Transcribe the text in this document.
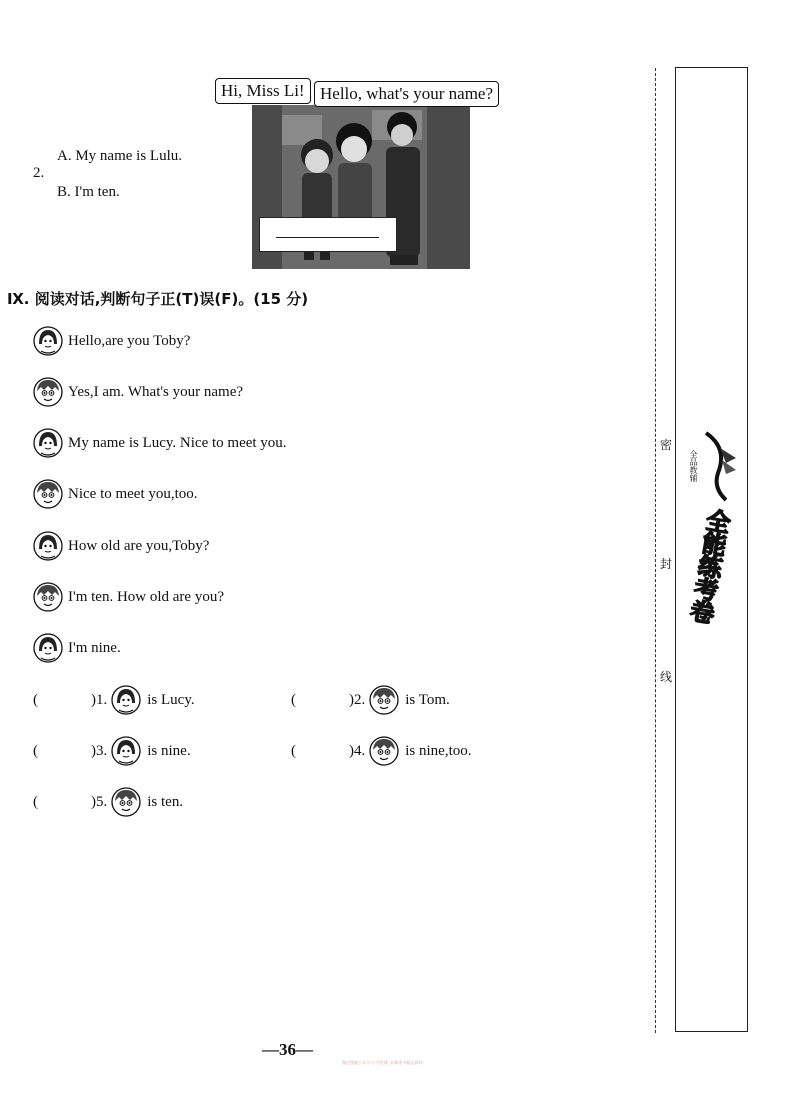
2.
A. My name is Lulu.
B. I'm ten.
Hi, Miss Li! Hello, what's your name?
Ⅸ. 阅读对话,判断句子正(T)误(F)。(15 分)
Hello,are you Toby?
Yes,I am. What's your name?
My name is Lucy. Nice to meet you.
Nice to meet you,too.
How old are you,Toby?
I'm ten. How old are you?
I'm nine.
(	)1.	is Lucy.	(	)2.	is Tom.
(	)3.	is nine.	(	)4.	is nine,too.
(	)5.	is ten.
—36—
微信搜索公众号“小学优课”,获取更多精品资料!
密
封
线
全品教辅
全能练考卷
